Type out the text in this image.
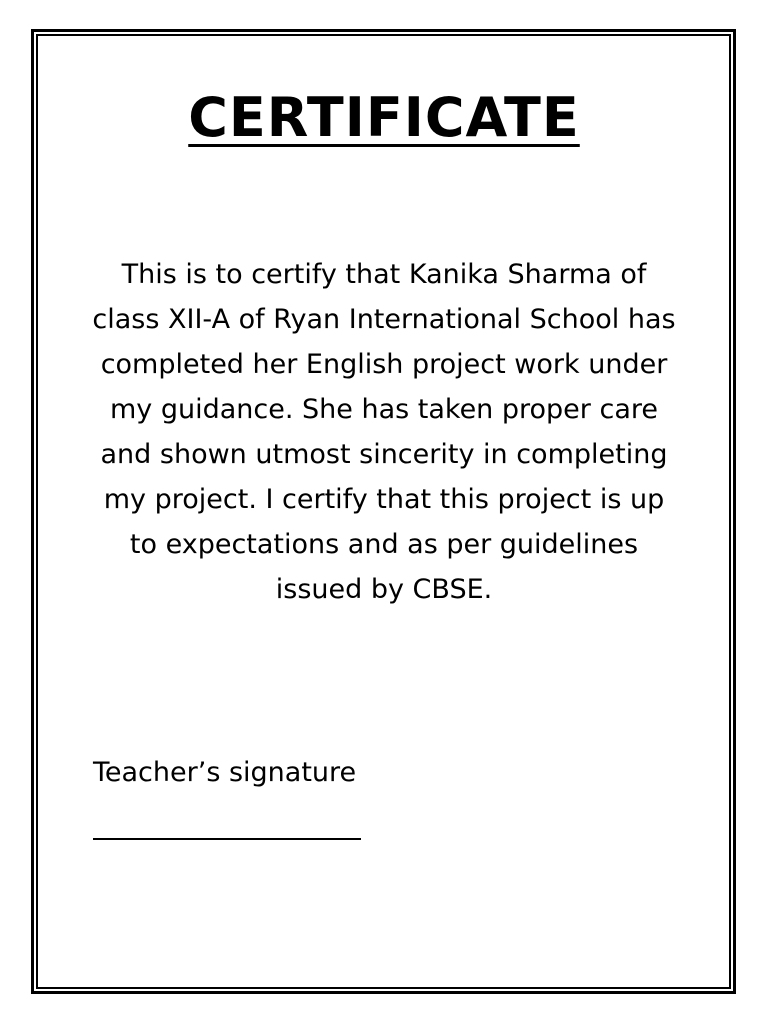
CERTIFICATE

This is to certify that Kanika Sharma of class XII-A of Ryan International School has completed her English project work under my guidance. She has taken proper care and shown utmost sincerity in completing my project. I certify that this project is up to expectations and as per guidelines issued by CBSE.

Teacher’s signature
